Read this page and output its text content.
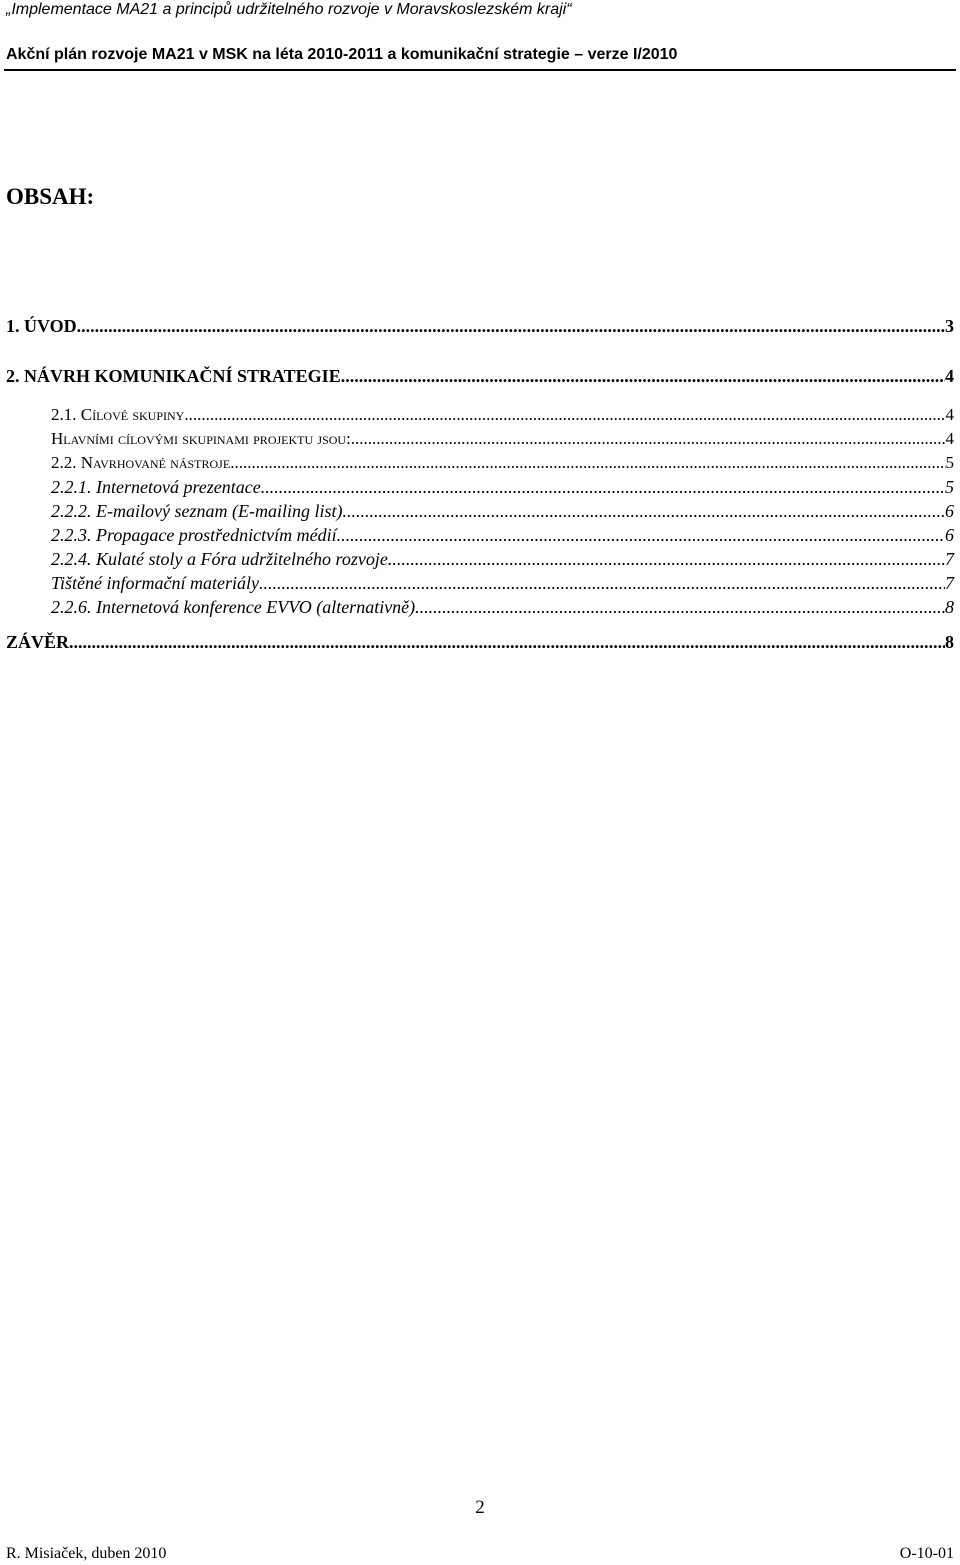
„Implementace MA21 a principů udržitelného rozvoje v Moravskoslezském kraji“
Akční plán rozvoje MA21 v MSK na léta 2010-2011 a komunikační strategie – verze I/2010
OBSAH:
1. ÚVOD .....	3
2. NÁVRH KOMUNIKAČNÍ STRATEGIE .....	4
2.1. Cílové skupiny .....	4
Hlavními cílovými skupinami projektu jsou: .....	4
2.2. Navrhované nástroje .....	5
2.2.1. Internetová prezentace .....	5
2.2.2. E-mailový seznam (E-mailing list) .....	6
2.2.3. Propagace prostřednictvím médií .....	6
2.2.4. Kulaté stoly a Fóra udržitelného rozvoje .....	7
Tištěné informační materiály .....	7
2.2.6. Internetová konference EVVO (alternativně) .....	8
ZÁVĚR .....	8
2
R. Misiaček, duben 2010	O-10-01
